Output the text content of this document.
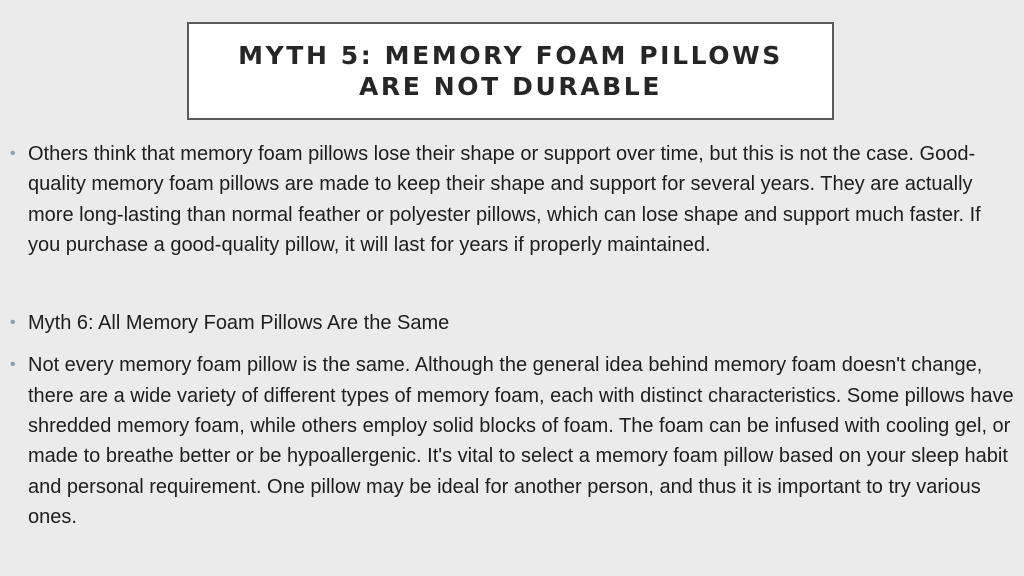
MYTH 5: MEMORY FOAM PILLOWS
ARE NOT DURABLE
• Others think that memory foam pillows lose their shape or support over time, but this is not the case. Good-quality memory foam pillows are made to keep their shape and support for several years. They are actually more long-lasting than normal feather or polyester pillows, which can lose shape and support much faster. If you purchase a good-quality pillow, it will last for years if properly maintained.
• Myth 6: All Memory Foam Pillows Are the Same
• Not every memory foam pillow is the same. Although the general idea behind memory foam doesn't change, there are a wide variety of different types of memory foam, each with distinct characteristics. Some pillows have shredded memory foam, while others employ solid blocks of foam. The foam can be infused with cooling gel, or made to breathe better or be hypoallergenic. It's vital to select a memory foam pillow based on your sleep habit and personal requirement. One pillow may be ideal for another person, and thus it is important to try various ones.
